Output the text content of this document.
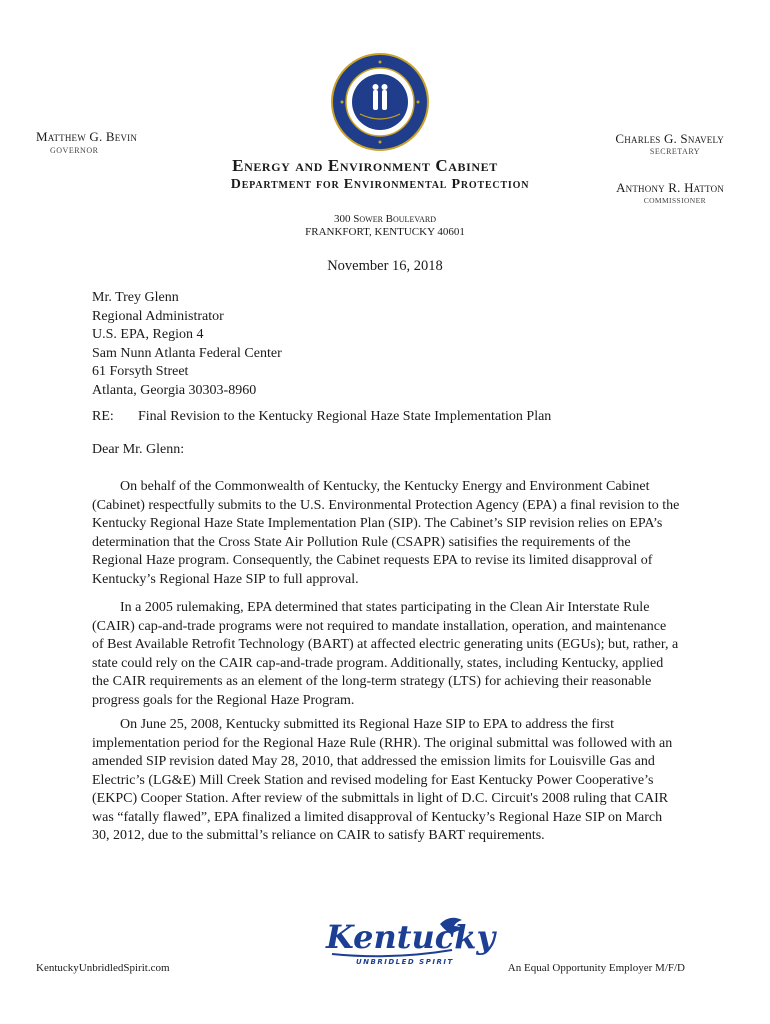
Matthew G. Bevin
GOVERNOR
Charles G. Snavely
SECRETARY
Anthony R. Hatton
COMMISSIONER
Energy and Environment Cabinet
Department for Environmental Protection
300 Sower Boulevard
FRANKFORT, KENTUCKY 40601
November 16, 2018
Mr. Trey Glenn
Regional Administrator
U.S. EPA, Region 4
Sam Nunn Atlanta Federal Center
61 Forsyth Street
Atlanta, Georgia 30303-8960
RE: Final Revision to the Kentucky Regional Haze State Implementation Plan
Dear Mr. Glenn:

On behalf of the Commonwealth of Kentucky, the Kentucky Energy and Environment Cabinet (Cabinet) respectfully submits to the U.S. Environmental Protection Agency (EPA) a final revision to the Kentucky Regional Haze State Implementation Plan (SIP). The Cabinet’s SIP revision relies on EPA’s determination that the Cross State Air Pollution Rule (CSAPR) satisifies the requirements of the Regional Haze program. Consequently, the Cabinet requests EPA to revise its limited disapproval of Kentucky’s Regional Haze SIP to full approval.

In a 2005 rulemaking, EPA determined that states participating in the Clean Air Interstate Rule (CAIR) cap-and-trade programs were not required to mandate installation, operation, and maintenance of Best Available Retrofit Technology (BART) at affected electric generating units (EGUs); but, rather, a state could rely on the CAIR cap-and-trade program. Additionally, states, including Kentucky, applied the CAIR requirements as an element of the long-term strategy (LTS) for achieving their reasonable progress goals for the Regional Haze Program.

On June 25, 2008, Kentucky submitted its Regional Haze SIP to EPA to address the first implementation period for the Regional Haze Rule (RHR). The original submittal was followed with an amended SIP revision dated May 28, 2010, that addressed the emission limits for Louisville Gas and Electric’s (LG&E) Mill Creek Station and revised modeling for East Kentucky Power Cooperative’s (EKPC) Cooper Station. After review of the submittals in light of D.C. Circuit's 2008 ruling that CAIR was “fatally flawed”, EPA finalized a limited disapproval of Kentucky’s Regional Haze SIP on March 30, 2012, due to the submittal’s reliance on CAIR to satisfy BART requirements.

KentuckyUnbridledSpirit.com
Kentucky
UNBRIDLED SPIRIT	An Equal Opportunity Employer M/F/D
